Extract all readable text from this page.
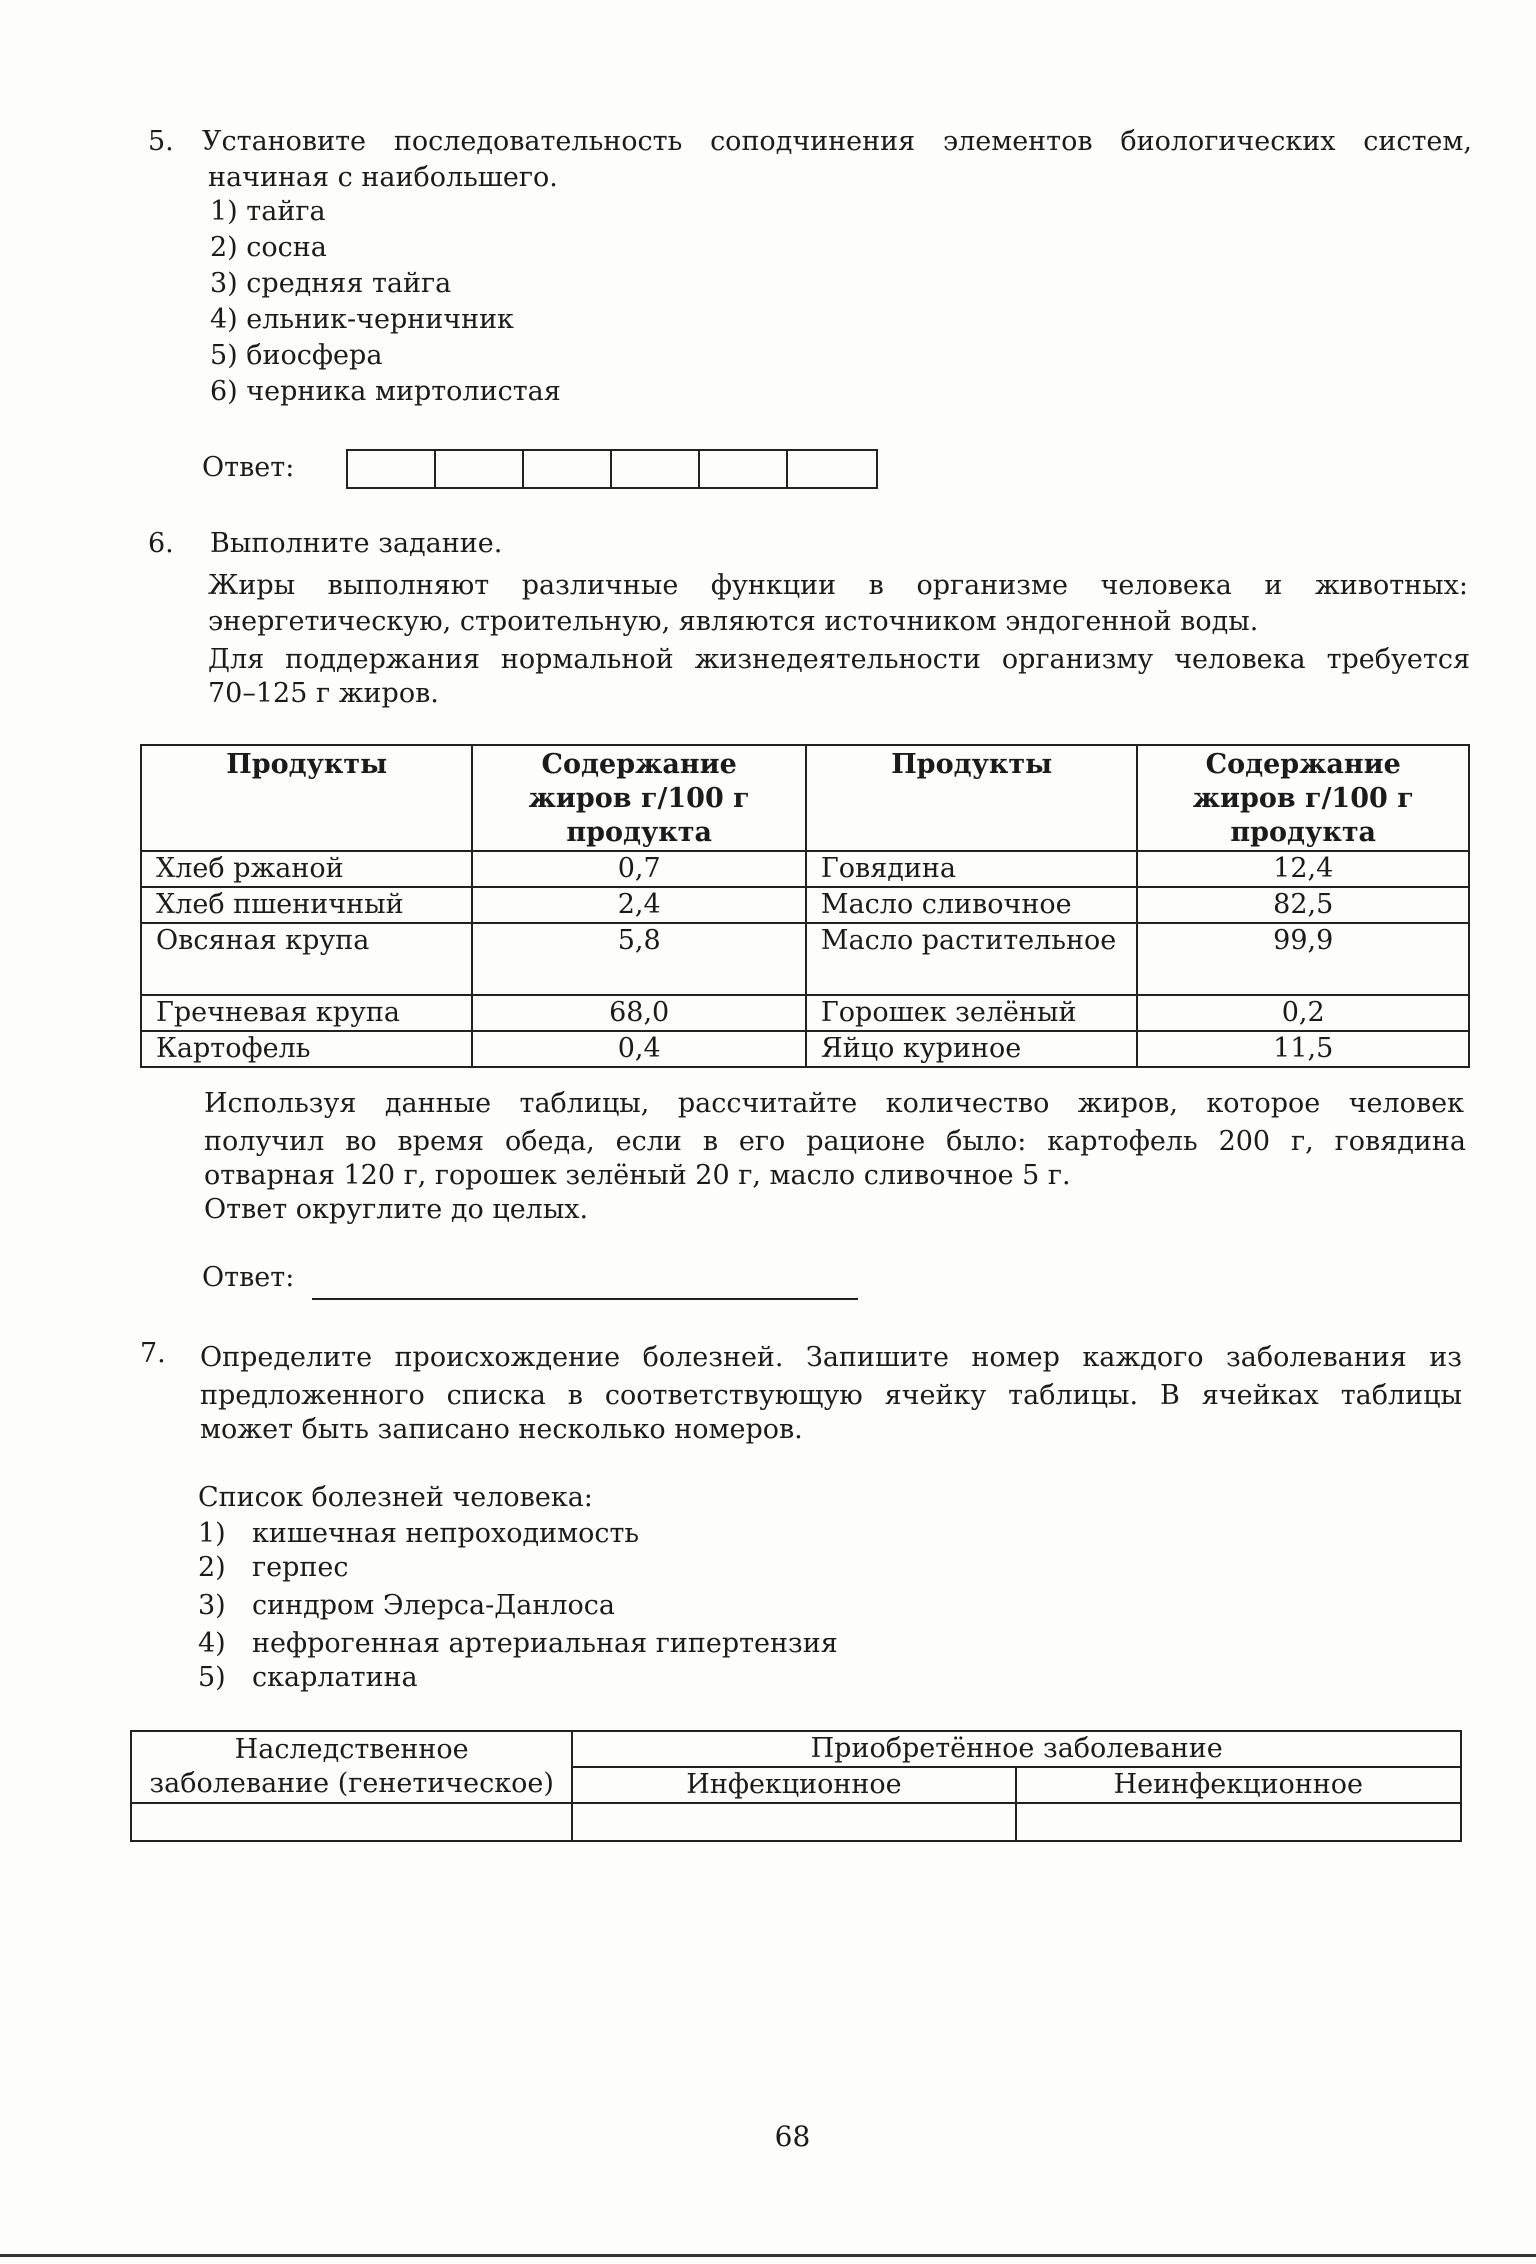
5.	Установите последовательность соподчинения элементов биологических систем,
начиная с наибольшего.
1) тайга
2) сосна
3) средняя тайга
4) ельник-черничник
5) биосфера
6) черника миртолистая
Ответ:
6.	Выполните задание.
Жиры выполняют различные функции в организме человека и животных:
энергетическую, строительную, являются источником эндогенной воды.
Для поддержания нормальной жизнедеятельности организму человека требуется
70–125 г жиров.
Продукты	Содержание жиров г/100 г продукта	Продукты	Содержание жиров г/100 г продукта
Хлеб ржаной	0,7	Говядина	12,4
Хлеб пшеничный	2,4	Масло сливочное	82,5
Овсяная крупа	5,8	Масло растительное	99,9
Гречневая крупа	68,0	Горошек зелёный	0,2
Картофель	0,4	Яйцо куриное	11,5
Используя данные таблицы, рассчитайте количество жиров, которое человек
получил во время обеда, если в его рационе было: картофель 200 г, говядина
отварная 120 г, горошек зелёный 20 г, масло сливочное 5 г.
Ответ округлите до целых.
Ответ:
7.	Определите происхождение болезней. Запишите номер каждого заболевания из
предложенного списка в соответствующую ячейку таблицы. В ячейках таблицы
может быть записано несколько номеров.
Список болезней человека:
1) кишечная непроходимость
2) герпес
3) синдром Элерса-Данлоса
4) нефрогенная артериальная гипертензия
5) скарлатина
Наследственное
заболевание (генетическое)	Приобретённое заболевание	
	Инфекционное	Неинфекционное

68
